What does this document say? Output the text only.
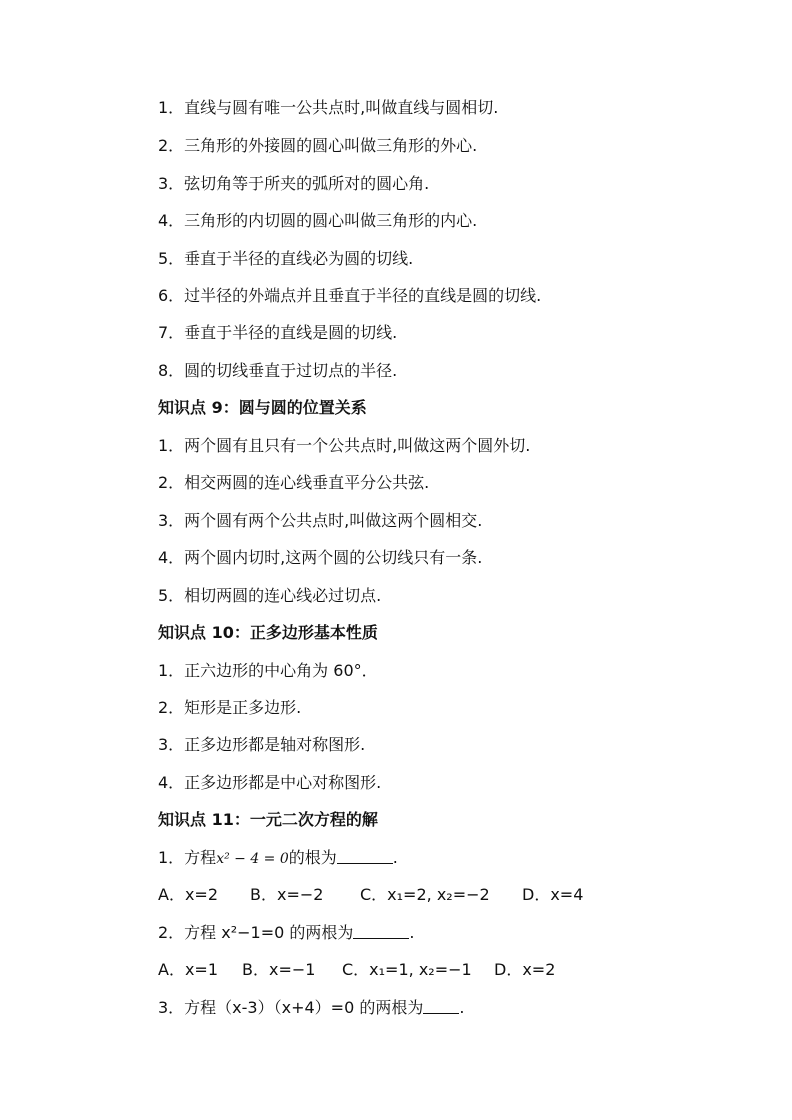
1．直线与圆有唯一公共点时,叫做直线与圆相切.
2．三角形的外接圆的圆心叫做三角形的外心.
3．弦切角等于所夹的弧所对的圆心角.
4．三角形的内切圆的圆心叫做三角形的内心.
5．垂直于半径的直线必为圆的切线.
6．过半径的外端点并且垂直于半径的直线是圆的切线.
7．垂直于半径的直线是圆的切线.
8．圆的切线垂直于过切点的半径.
知识点 9：圆与圆的位置关系
1．两个圆有且只有一个公共点时,叫做这两个圆外切.
2．相交两圆的连心线垂直平分公共弦.
3．两个圆有两个公共点时,叫做这两个圆相交.
4．两个圆内切时,这两个圆的公切线只有一条.
5．相切两圆的连心线必过切点.
知识点 10：正多边形基本性质
1．正六边形的中心角为 60°．
2．矩形是正多边形.
3．正多边形都是轴对称图形.
4．正多边形都是中心对称图形.
知识点 11：一元二次方程的解
1．方程x² − 4 = 0的根为	.
A．x=2 B．x=−2 C．x₁=2, x₂=−2 D．x=4
2．方程 x²−1=0 的两根为	.
A．x=1 B．x=−1 C．x₁=1, x₂=−1 D．x=2
3．方程（x-3）（x+4）=0 的两根为 .
